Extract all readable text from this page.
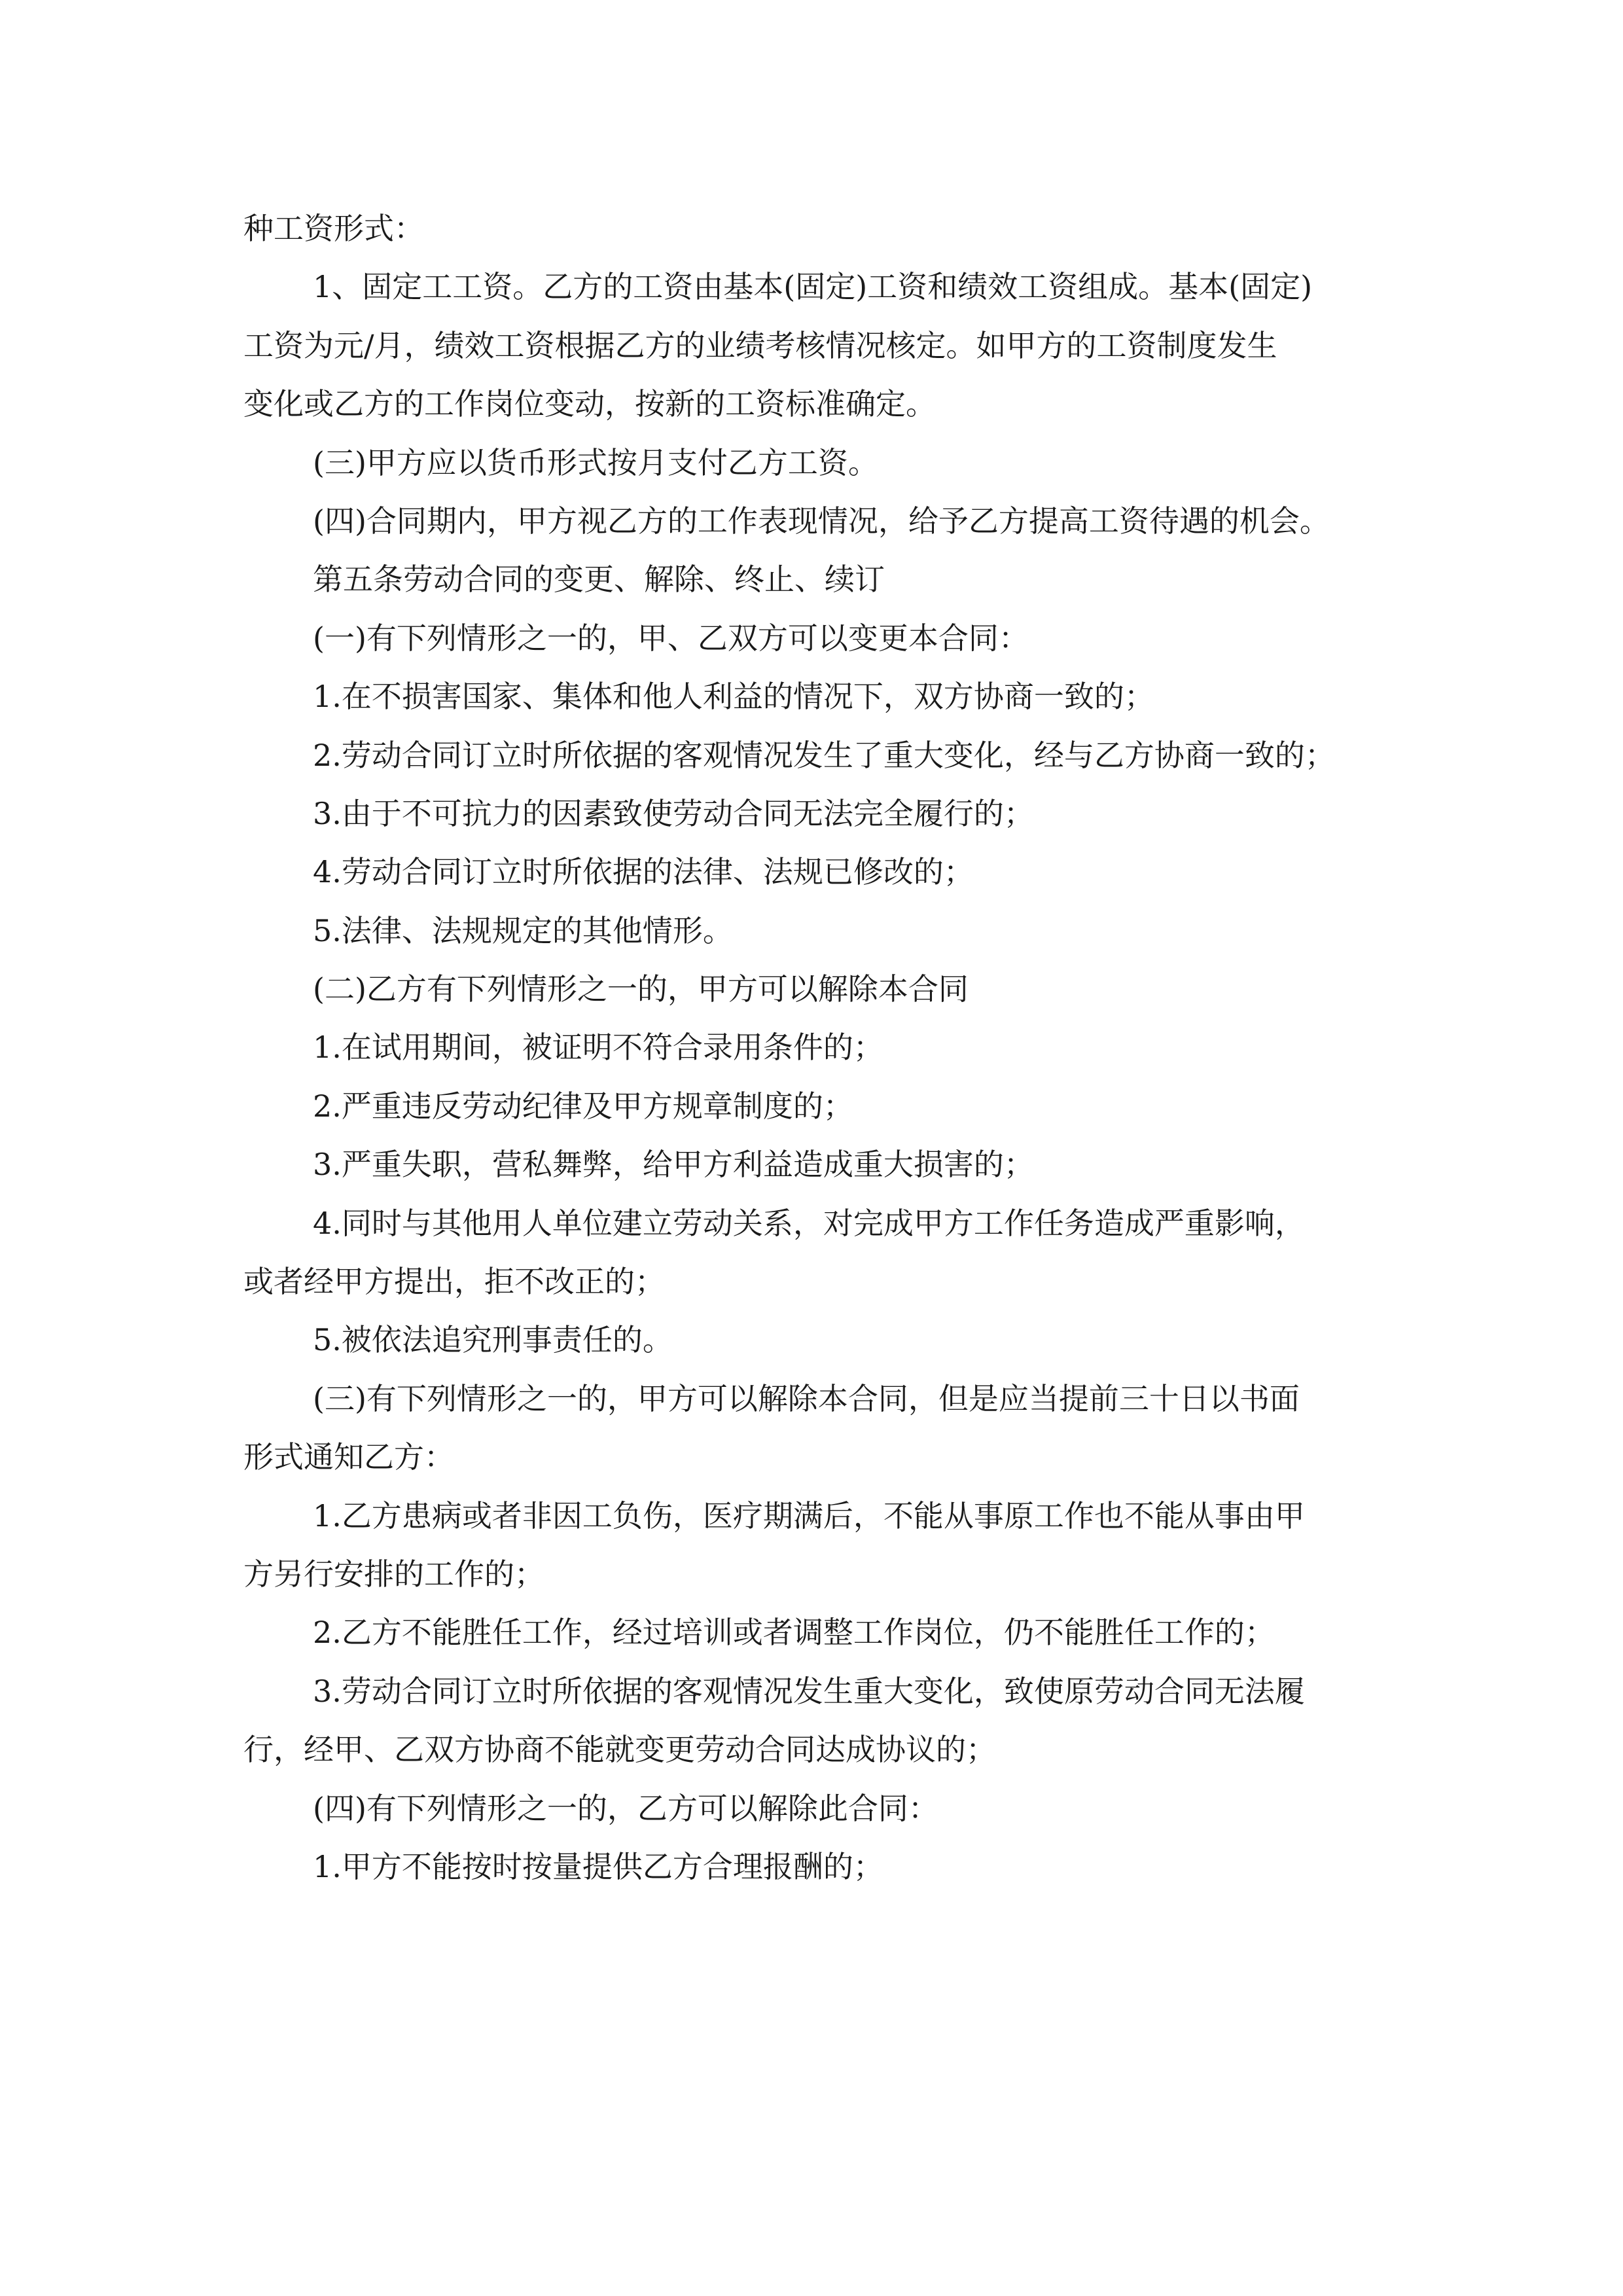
种工资形式：
1、固定工工资。乙方的工资由基本(固定)工资和绩效工资组成。基本(固定)
工资为元/月，绩效工资根据乙方的业绩考核情况核定。如甲方的工资制度发生
变化或乙方的工作岗位变动，按新的工资标准确定。
(三)甲方应以货币形式按月支付乙方工资。
(四)合同期内，甲方视乙方的工作表现情况，给予乙方提高工资待遇的机会。
第五条劳动合同的变更、解除、终止、续订
(一)有下列情形之一的，甲、乙双方可以变更本合同：
1.在不损害国家、集体和他人利益的情况下，双方协商一致的；
2.劳动合同订立时所依据的客观情况发生了重大变化，经与乙方协商一致的；
3.由于不可抗力的因素致使劳动合同无法完全履行的；
4.劳动合同订立时所依据的法律、法规已修改的；
5.法律、法规规定的其他情形。
(二)乙方有下列情形之一的，甲方可以解除本合同
1.在试用期间，被证明不符合录用条件的；
2.严重违反劳动纪律及甲方规章制度的；
3.严重失职，营私舞弊，给甲方利益造成重大损害的；
4.同时与其他用人单位建立劳动关系，对完成甲方工作任务造成严重影响，
或者经甲方提出，拒不改正的；
5.被依法追究刑事责任的。
(三)有下列情形之一的，甲方可以解除本合同，但是应当提前三十日以书面
形式通知乙方：
1.乙方患病或者非因工负伤，医疗期满后，不能从事原工作也不能从事由甲
方另行安排的工作的；
2.乙方不能胜任工作，经过培训或者调整工作岗位，仍不能胜任工作的；
3.劳动合同订立时所依据的客观情况发生重大变化，致使原劳动合同无法履
行，经甲、乙双方协商不能就变更劳动合同达成协议的；
(四)有下列情形之一的，乙方可以解除此合同：
1.甲方不能按时按量提供乙方合理报酬的；
